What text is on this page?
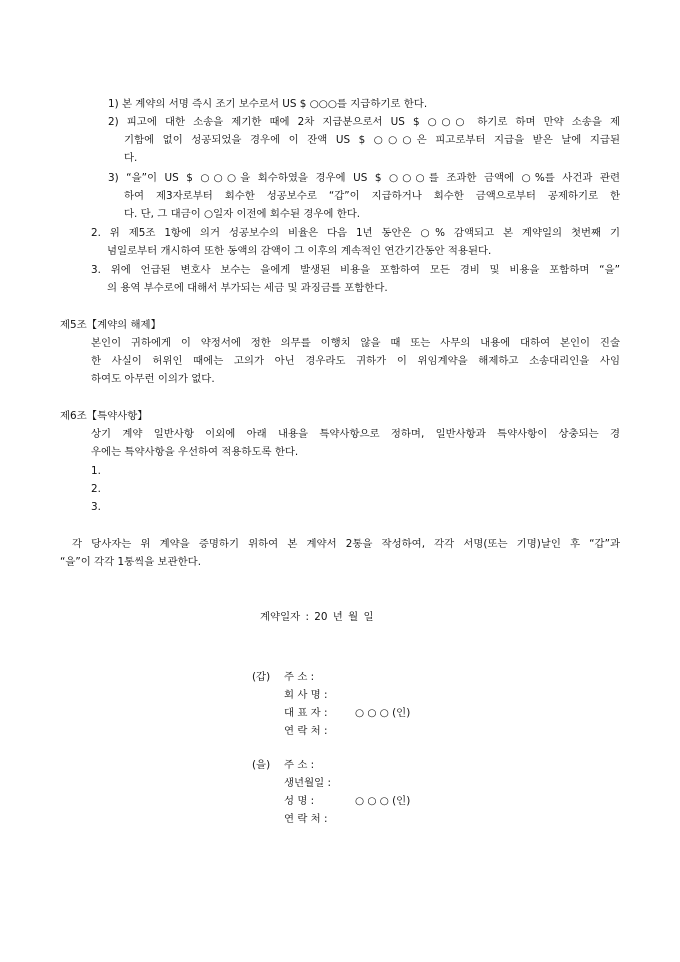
1) 본 계약의 서명 즉시 조기 보수로서 US $ ○○○를 지급하기로 한다.
2) 피고에 대한 소송을 제기한 때에 2차 지급분으로서 US $ ○○○ 하기로 하며 만약 소송을 제
기함에 없이 성공되었을 경우에 이 잔액 US $ ○○○은 피고로부터 지급을 받은 날에 지급된
다.
3) “을”이 US $ ○○○을 회수하였을 경우에 US $ ○○○를 조과한 금액에 ○%를 사건과 관련
하여 제3자로부터 회수한 성공보수로 “갑”이 지급하거나 회수한 금액으로부터 공제하기로 한
다. 단, 그 대금이 ○일자 이전에 회수된 경우에 한다.
2. 위 제5조 1항에 의거 성공보수의 비율은 다음 1년 동안은 ○% 감액되고 본 계약일의 첫번째 기
념일로부터 개시하여 또한 동액의 감액이 그 이후의 계속적인 연간기간동안 적용된다.
3. 위에 언급된 변호사 보수는 을에게 발생된 비용을 포함하여 모든 경비 및 비용을 포함하며 “을”
의 용역 부수로에 대해서 부가되는 세금 및 과징금를 포함한다.
제5조【계약의 해제】
본인이 귀하에게 이 약정서에 정한 의무를 이행치 않을 때 또는 사무의 내용에 대하여 본인이 진술
한 사실이 허위인 때에는 고의가 아닌 경우라도 귀하가 이 위임계약을 해제하고 소송대리인을 사임
하여도 아무런 이의가 없다.
제6조【특약사항】
상기 계약 일반사항 이외에 아래 내용을 특약사항으로 정하며, 일반사항과 특약사항이 상충되는 경
우에는 특약사항을 우선하여 적용하도록 한다.
1.
2.
3.
각 당사자는 위 계약을 증명하기 위하여 본 계약서 2통을 작성하여, 각각 서명(또는 기명)날인 후 “갑”과
“을”이 각각 1통씩을 보관한다.
계약일자 : 20 년 월 일
(갑) 주 소 :
회 사 명 :
대 표 자 :	○ ○ ○ (인)
연 락 처 :
(을) 주 소 :
생년월일 :
성 명 :	○ ○ ○ (인)
연 락 처 :
